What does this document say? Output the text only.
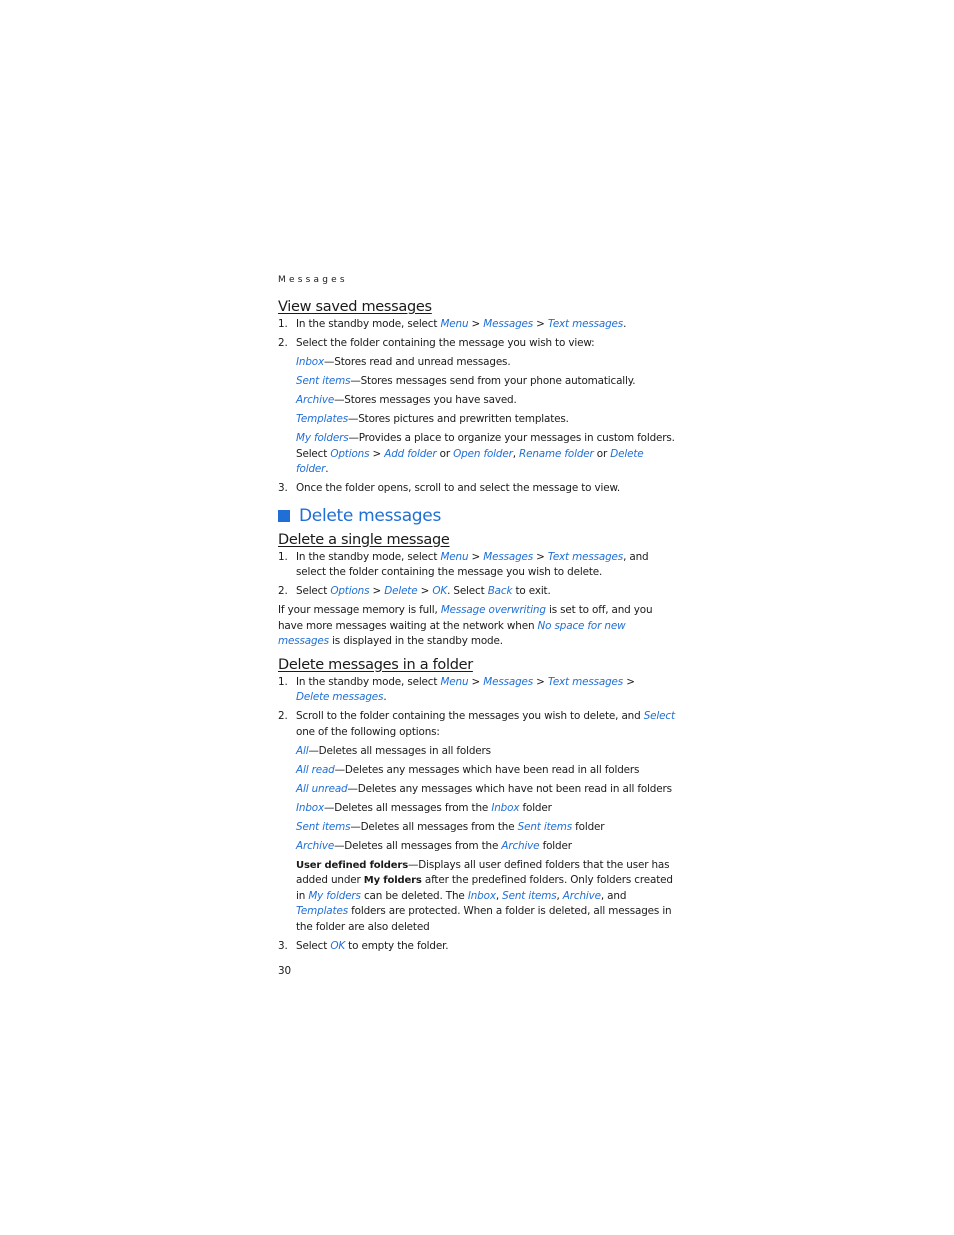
Messages
View saved messages
1. In the standby mode, select Menu > Messages > Text messages.
2. Select the folder containing the message you wish to view:
Inbox—Stores read and unread messages.
Sent items—Stores messages send from your phone automatically.
Archive—Stores messages you have saved.
Templates—Stores pictures and prewritten templates.
My folders—Provides a place to organize your messages in custom folders. Select Options > Add folder or Open folder, Rename folder or Delete folder.
3. Once the folder opens, scroll to and select the message to view.
Delete messages
Delete a single message
1. In the standby mode, select Menu > Messages > Text messages, and select the folder containing the message you wish to delete.
2. Select Options > Delete > OK. Select Back to exit.

If your message memory is full, Message overwriting is set to off, and you have more messages waiting at the network when No space for new messages is displayed in the standby mode.

Delete messages in a folder
1. In the standby mode, select Menu > Messages > Text messages >
Delete messages.
2. Scroll to the folder containing the messages you wish to delete, and Select one of the following options:
All—Deletes all messages in all folders
All read—Deletes any messages which have been read in all folders
All unread—Deletes any messages which have not been read in all folders
Inbox—Deletes all messages from the Inbox folder
Sent items—Deletes all messages from the Sent items folder
Archive—Deletes all messages from the Archive folder
User defined folders—Displays all user defined folders that the user has added under My folders after the predefined folders. Only folders created in My folders can be deleted. The Inbox, Sent items, Archive, and Templates folders are protected. When a folder is deleted, all messages in the folder are also deleted
3. Select OK to empty the folder.
30
